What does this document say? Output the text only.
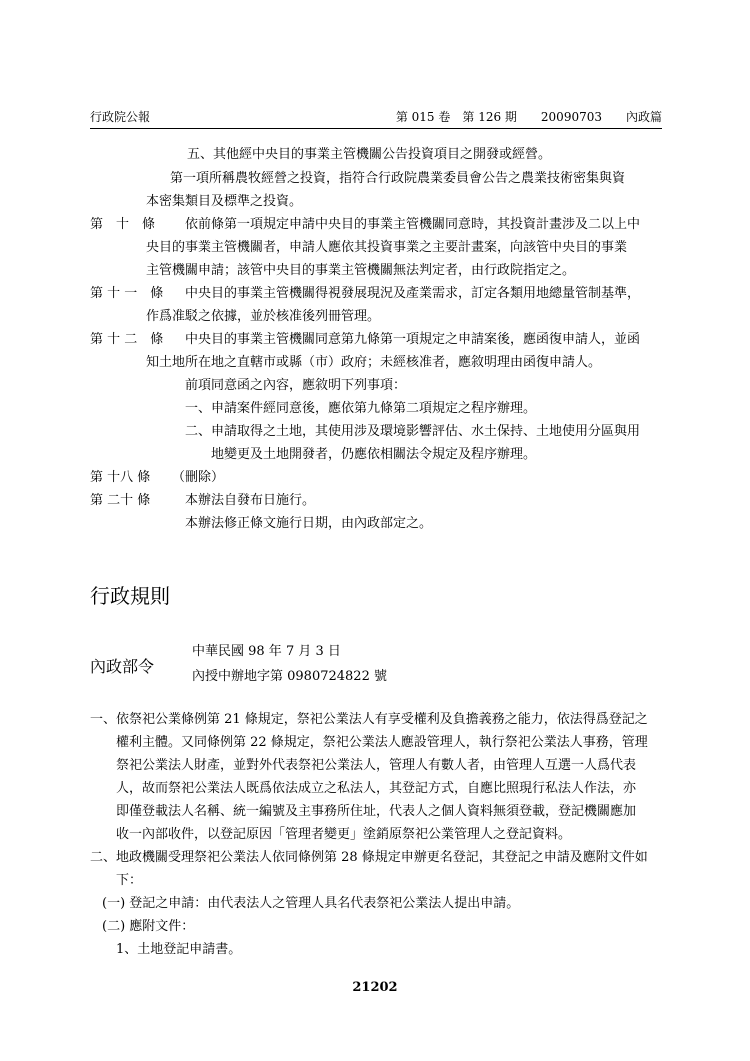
行政院公報	第 015 卷　第 126 期　　20090703　　內政篇
五、其他經中央目的事業主管機關公告投資項目之開發或經營。
第一項所稱農牧經營之投資，指符合行政院農業委員會公告之農業技術密集與資
本密集類目及標準之投資。
第　十　條 依前條第一項規定申請中央目的事業主管機關同意時，其投資計畫涉及二以上中
央目的事業主管機關者，申請人應依其投資事業之主要計畫案，向該管中央目的事業
主管機關申請；該管中央目的事業主管機關無法判定者，由行政院指定之。
第 十 一　條 中央目的事業主管機關得視發展現況及產業需求，訂定各類用地總量管制基準，
作爲准駁之依據，並於核准後列冊管理。
第 十 二　條 中央目的事業主管機關同意第九條第一項規定之申請案後，應函復申請人，並函
知土地所在地之直轄市或縣（市）政府；未經核准者，應敘明理由函復申請人。
前項同意函之內容，應敘明下列事項：
一、申請案件經同意後，應依第九條第二項規定之程序辦理。
二、申請取得之土地，其使用涉及環境影響評估、水土保持、土地使用分區與用
地變更及土地開發者，仍應依相關法令規定及程序辦理。
第 十八 條 （刪除）
第 二十 條	本辦法自發布日施行。
本辦法修正條文施行日期，由內政部定之。
行政規則
內政部令
中華民國 98 年 7 月 3 日
內授中辦地字第 0980724822 號
一、依祭祀公業條例第 21 條規定，祭祀公業法人有享受權利及負擔義務之能力，依法得爲登記之
權利主體。又同條例第 22 條規定，祭祀公業法人應設管理人，執行祭祀公業法人事務，管理
祭祀公業法人財產，並對外代表祭祀公業法人，管理人有數人者，由管理人互選一人爲代表
人，故而祭祀公業法人既爲依法成立之私法人，其登記方式，自應比照現行私法人作法，亦
即僅登載法人名稱、統一編號及主事務所住址，代表人之個人資料無須登載，登記機關應加
收一內部收件，以登記原因「管理者變更」塗銷原祭祀公業管理人之登記資料。
二、地政機關受理祭祀公業法人依同條例第 28 條規定申辦更名登記，其登記之申請及應附文件如
下：
(一) 登記之申請：由代表法人之管理人具名代表祭祀公業法人提出申請。
(二) 應附文件：
1、土地登記申請書。
21202
